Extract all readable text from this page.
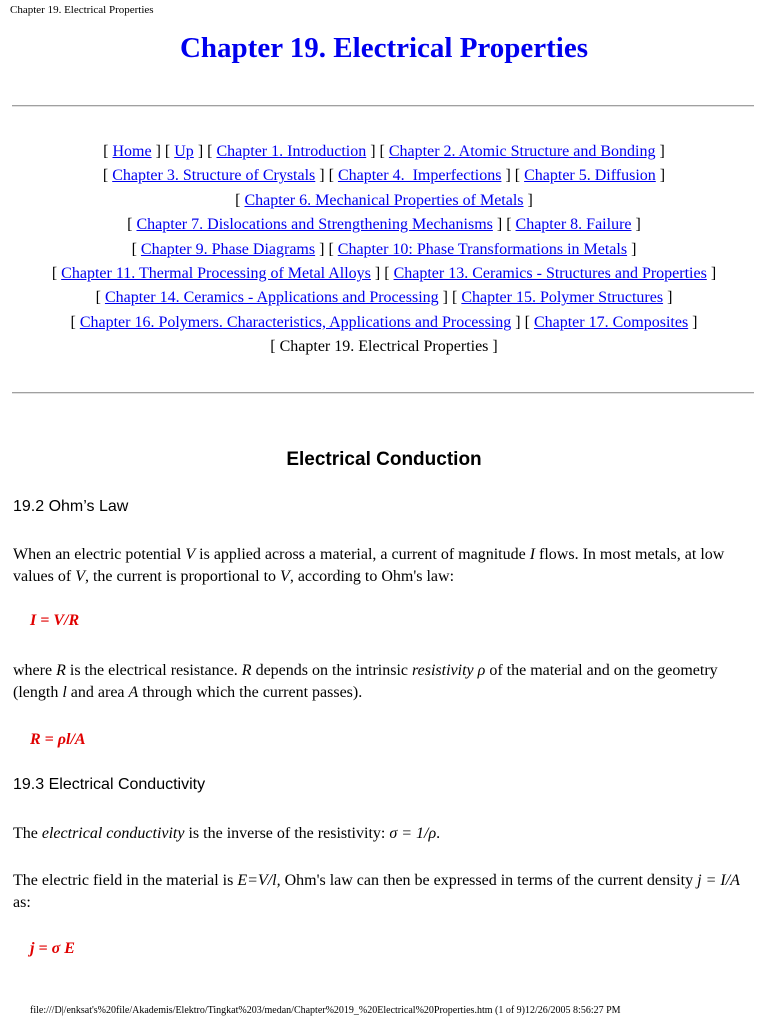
Chapter 19. Electrical Properties
Chapter 19. Electrical Properties
[ Home ] [ Up ] [ Chapter 1. Introduction ] [ Chapter 2. Atomic Structure and Bonding ]
[ Chapter 3. Structure of Crystals ] [ Chapter 4.  Imperfections ] [ Chapter 5. Diffusion ]
[ Chapter 6. Mechanical Properties of Metals ]
[ Chapter 7. Dislocations and Strengthening Mechanisms ] [ Chapter 8. Failure ]
[ Chapter 9. Phase Diagrams ] [ Chapter 10: Phase Transformations in Metals ]
[ Chapter 11. Thermal Processing of Metal Alloys ] [ Chapter 13. Ceramics - Structures and Properties ]
[ Chapter 14. Ceramics - Applications and Processing ] [ Chapter 15. Polymer Structures ]
[ Chapter 16. Polymers. Characteristics, Applications and Processing ] [ Chapter 17. Composites ]
[ Chapter 19. Electrical Properties ]
Electrical Conduction
19.2 Ohm’s Law
When an electric potential V is applied across a material, a current of magnitude I flows. In most metals, at low values of V, the current is proportional to V, according to Ohm's law:
I = V/R
where R is the electrical resistance. R depends on the intrinsic resistivity ρ of the material and on the geometry (length l and area A through which the current passes).
R = ρl/A
19.3 Electrical Conductivity
The electrical conductivity is the inverse of the resistivity: σ = 1/ρ.
The electric field in the material is E=V/l, Ohm's law can then be expressed in terms of the current density j = I/A as:
j = σ E
file:///D|/enksat's%20file/Akademis/Elektro/Tingkat%203/medan/Chapter%2019_%20Electrical%20Properties.htm (1 of 9)12/26/2005 8:56:27 PM
